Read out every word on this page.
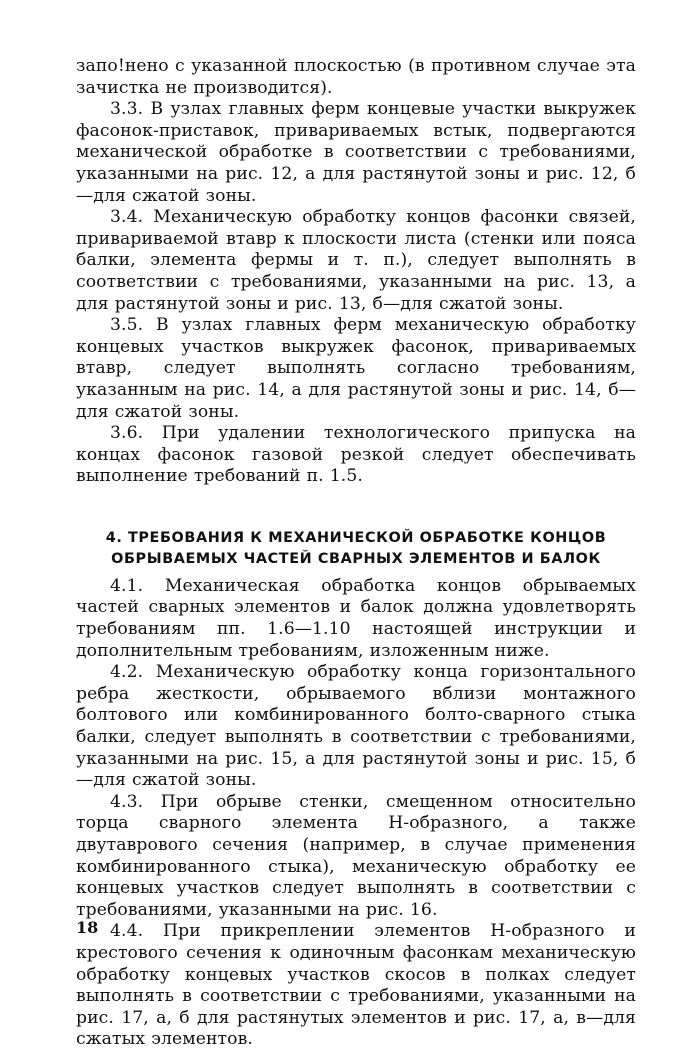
запо!нено с указанной плоскостью (в противном случае эта зачистка не производится).

3.3. В узлах главных ферм концевые участки выкружек фасонок-приставок, привариваемых встык, подвергаются механической обработке в соответствии с требованиями, указанными на рис. 12, а для растянутой зоны и рис. 12, б—для сжатой зоны.

3.4. Механическую обработку концов фасонки связей, привариваемой втавр к плоскости листа (стенки или пояса балки, элемента фермы и т. п.), следует выполнять в соответствии с требованиями, указанными на рис. 13, а для растянутой зоны и рис. 13, б—для сжатой зоны.

3.5. В узлах главных ферм механическую обработку концевых участков выкружек фасонок, привариваемых втавр, следует выполнять согласно требованиям, указанным на рис. 14, а для растянутой зоны и рис. 14, б—для сжатой зоны.

3.6. При удалении технологического припуска на концах фасонок газовой резкой следует обеспечивать выполнение требований п. 1.5.

4. ТРЕБОВАНИЯ К МЕХАНИЧЕСКОЙ ОБРАБОТКЕ КОНЦОВ ОБРЫВАЕМЫХ ЧАСТЕЙ СВАРНЫХ ЭЛЕМЕНТОВ И БАЛОК

4.1. Механическая обработка концов обрываемых частей сварных элементов и балок должна удовлетворять требованиям пп. 1.6—1.10 настоящей инструкции и дополнительным требованиям, изложенным ниже.

4.2. Механическую обработку конца горизонтального ребра жесткости, обрываемого вблизи монтажного болтового или комбинированного болто-сварного стыка балки, следует выполнять в соответствии с требованиями, указанными на рис. 15, а для растянутой зоны и рис. 15, б—для сжатой зоны.

4.3. При обрыве стенки, смещенном относительно торца сварного элемента Н-образного, а также двутаврового сечения (например, в случае применения комбинированного стыка), механическую обработку ее концевых участков следует выполнять в соответствии с требованиями, указанными на рис. 16.

4.4. При прикреплении элементов Н-образного и крестового сечения к одиночным фасонкам механическую обработку концевых участков скосов в полках следует выполнять в соответствии с требованиями, указанными на рис. 17, а, б для растянутых элементов и рис. 17, а, в—для сжатых элементов.

18
